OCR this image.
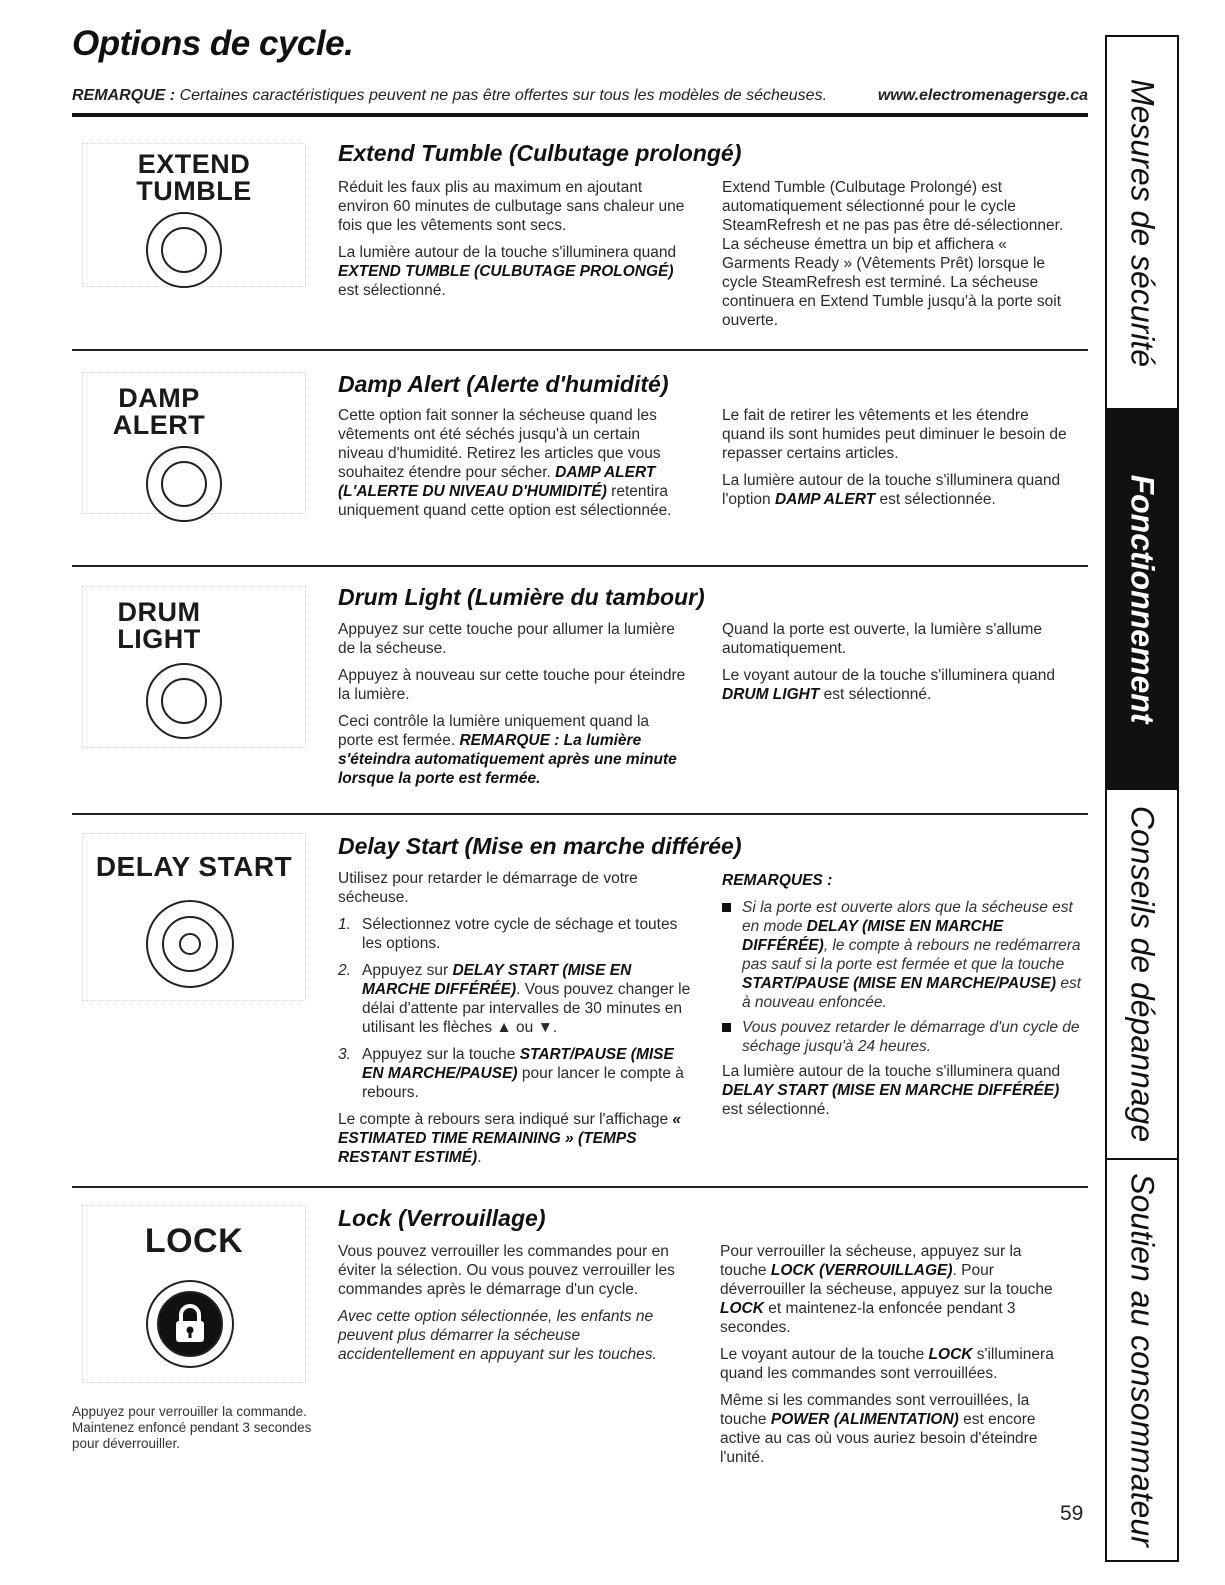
Options de cycle.
REMARQUE : Certaines caractéristiques peuvent ne pas être offertes sur tous les modèles de sécheuses.	www.electromenagersge.ca
EXTEND
TUMBLE
Extend Tumble (Culbutage prolongé)

Réduit les faux plis au maximum en ajoutant environ 60 minutes de culbutage sans chaleur une fois que les vêtements sont secs.

La lumière autour de la touche s'illuminera quand EXTEND TUMBLE (CULBUTAGE PROLONGÉ) est sélectionné.

Extend Tumble (Culbutage Prolongé) est automatiquement sélectionné pour le cycle SteamRefresh et ne pas pas être dé-sélectionner. La sécheuse émettra un bip et affichera « Garments Ready » (Vêtements Prêt) lorsque le cycle SteamRefresh est terminé. La sécheuse continuera en Extend Tumble jusqu'à la porte soit ouverte.

DAMP
ALERT
Damp Alert (Alerte d'humidité)

Cette option fait sonner la sécheuse quand les vêtements ont été séchés jusqu'à un certain niveau d'humidité. Retirez les articles que vous souhaitez étendre pour sécher. DAMP ALERT (L'ALERTE DU NIVEAU D'HUMIDITÉ) retentira uniquement quand cette option est sélectionnée.

Le fait de retirer les vêtements et les étendre quand ils sont humides peut diminuer le besoin de repasser certains articles.

La lumière autour de la touche s'illuminera quand l'option DAMP ALERT est sélectionnée.

DRUM
LIGHT
Drum Light (Lumière du tambour)

Appuyez sur cette touche pour allumer la lumière de la sécheuse.

Appuyez à nouveau sur cette touche pour éteindre la lumière.

Ceci contrôle la lumière uniquement quand la porte est fermée. REMARQUE : La lumière s'éteindra automatiquement après une minute lorsque la porte est fermée.

Quand la porte est ouverte, la lumière s'allume automatiquement.

Le voyant autour de la touche s'illuminera quand DRUM LIGHT est sélectionné.

DELAY START
Delay Start (Mise en marche différée)

Utilisez pour retarder le démarrage de votre sécheuse.

1. Sélectionnez votre cycle de séchage et toutes les options.
2. Appuyez sur DELAY START (MISE EN MARCHE DIFFÉRÉE). Vous pouvez changer le délai d'attente par intervalles de 30 minutes en utilisant les flèches ▲ ou ▼.
3. Appuyez sur la touche START/PAUSE (MISE EN MARCHE/PAUSE) pour lancer le compte à rebours.

Le compte à rebours sera indiqué sur l'affichage « ESTIMATED TIME REMAINING » (TEMPS RESTANT ESTIMÉ).

REMARQUES :

Si la porte est ouverte alors que la sécheuse est en mode DELAY (MISE EN MARCHE DIFFÉRÉE), le compte à rebours ne redémarrera pas sauf si la porte est fermée et que la touche START/PAUSE (MISE EN MARCHE/PAUSE) est à nouveau enfoncée.
Vous pouvez retarder le démarrage d'un cycle de séchage jusqu'à 24 heures.

La lumière autour de la touche s'illuminera quand DELAY START (MISE EN MARCHE DIFFÉRÉE) est sélectionné.

LOCK
Appuyez pour verrouiller la commande. Maintenez enfoncé pendant 3 secondes pour déverrouiller.
Lock (Verrouillage)

Vous pouvez verrouiller les commandes pour en éviter la sélection. Ou vous pouvez verrouiller les commandes après le démarrage d'un cycle.

Avec cette option sélectionnée, les enfants ne peuvent plus démarrer la sécheuse accidentellement en appuyant sur les touches.

Pour verrouiller la sécheuse, appuyez sur la touche LOCK (VERROUILLAGE). Pour déverrouiller la sécheuse, appuyez sur la touche LOCK et maintenez-la enfoncée pendant 3 secondes.

Le voyant autour de la touche LOCK s'illuminera quand les commandes sont verrouillées.

Même si les commandes sont verrouillées, la touche POWER (ALIMENTATION) est encore active au cas où vous auriez besoin d'éteindre l'unité.

Mesures de sécurité
Fonctionnement
Conseils de dépannage
Soutien au consommateur
59
